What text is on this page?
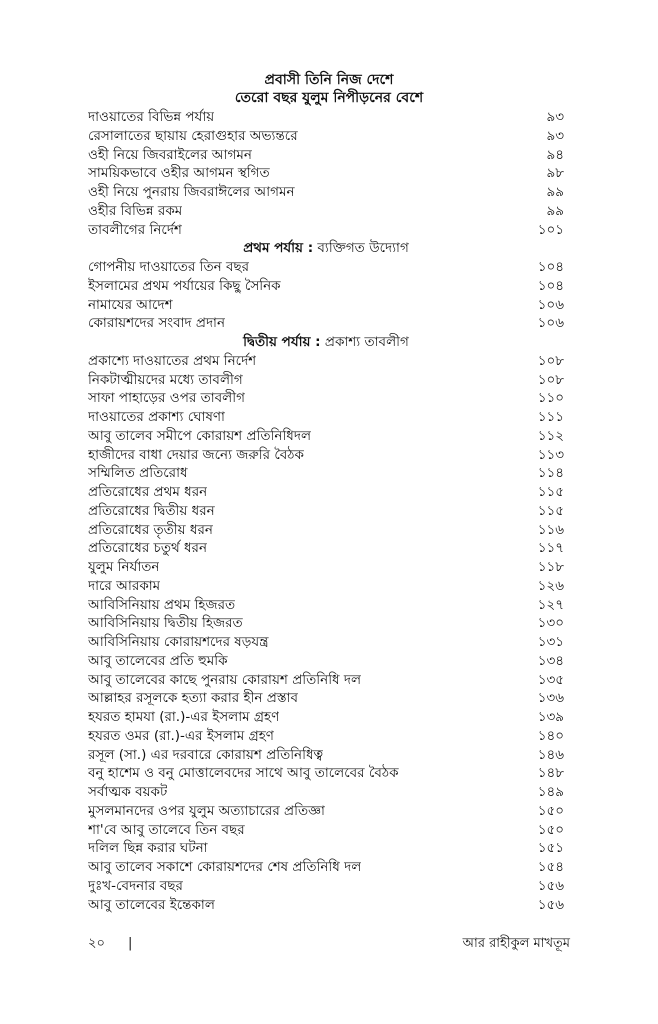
প্রবাসী তিনি নিজ দেশে
তেরো বছর যুলুম নিপীড়নের বেশে
দাওয়াতের বিভিন্ন পর্যায়	৯৩
রেসালাতের ছায়ায় হেরাগুহার অভ্যন্তরে	৯৩
ওহী নিয়ে জিবরাইলের আগমন	৯৪
সাময়িকভাবে ওহীর আগমন স্থগিত	৯৮
ওহী নিয়ে পুনরায় জিবরাঈলের আগমন	৯৯
ওহীর বিভিন্ন রকম	৯৯
তাবলীগের নির্দেশ	১০১
প্রথম পর্যায় : ব্যক্তিগত উদ্যোগ
গোপনীয় দাওয়াতের তিন বছর	১০৪
ইসলামের প্রথম পর্যায়ের কিছু সৈনিক	১০৪
নামাযের আদেশ	১০৬
কোরায়শদের সংবাদ প্রদান	১০৬
দ্বিতীয় পর্যায় : প্রকাশ্য তাবলীগ
প্রকাশ্যে দাওয়াতের প্রথম নির্দেশ	১০৮
নিকটাত্মীয়দের মধ্যে তাবলীগ	১০৮
সাফা পাহাড়ের ওপর তাবলীগ	১১০
দাওয়াতের প্রকাশ্য ঘোষণা	১১১
আবু তালেব সমীপে কোরায়শ প্রতিনিধিদল	১১২
হাজীদের বাধা দেয়ার জন্যে জরুরি বৈঠক	১১৩
সম্মিলিত প্রতিরোধ	১১৪
প্রতিরোধের প্রথম ধরন	১১৫
প্রতিরোধের দ্বিতীয় ধরন	১১৫
প্রতিরোধের তৃতীয় ধরন	১১৬
প্রতিরোধের চতুর্থ ধরন	১১৭
যুলুম নির্যাতন	১১৮
দারে আরকাম	১২৬
আবিসিনিয়ায় প্রথম হিজরত	১২৭
আবিসিনিয়ায় দ্বিতীয় হিজরত	১৩০
আবিসিনিয়ায় কোরায়শদের ষড়যন্ত্র	১৩১
আবু তালেবের প্রতি হুমকি	১৩৪
আবু তালেবের কাছে পুনরায় কোরায়শ প্রতিনিধি দল	১৩৫
আল্লাহর রসূলকে হত্যা করার হীন প্রস্তাব	১৩৬
হযরত হামযা (রা.)-এর ইসলাম গ্রহণ	১৩৯
হযরত ওমর (রা.)-এর ইসলাম গ্রহণ	১৪০
রসূল (সা.) এর দরবারে কোরায়শ প্রতিনিধিত্ব	১৪৬
বনু হাশেম ও বনু মোত্তালেবদের সাথে আবু তালেবের বৈঠক	১৪৮
সর্বাত্মক বয়কট	১৪৯
মুসলমানদের ওপর যুলুম অত্যাচারের প্রতিজ্ঞা	১৫০
শা'বে আবু তালেবে তিন বছর	১৫০
দলিল ছিন্ন করার ঘটনা	১৫১
আবু তালেব সকাশে কোরায়শদের শেষ প্রতিনিধি দল	১৫৪
দুঃখ-বেদনার বছর	১৫৬
আবু তালেবের ইন্তেকাল	১৫৬
২০ |	আর রাহীকুল মাখতূম
